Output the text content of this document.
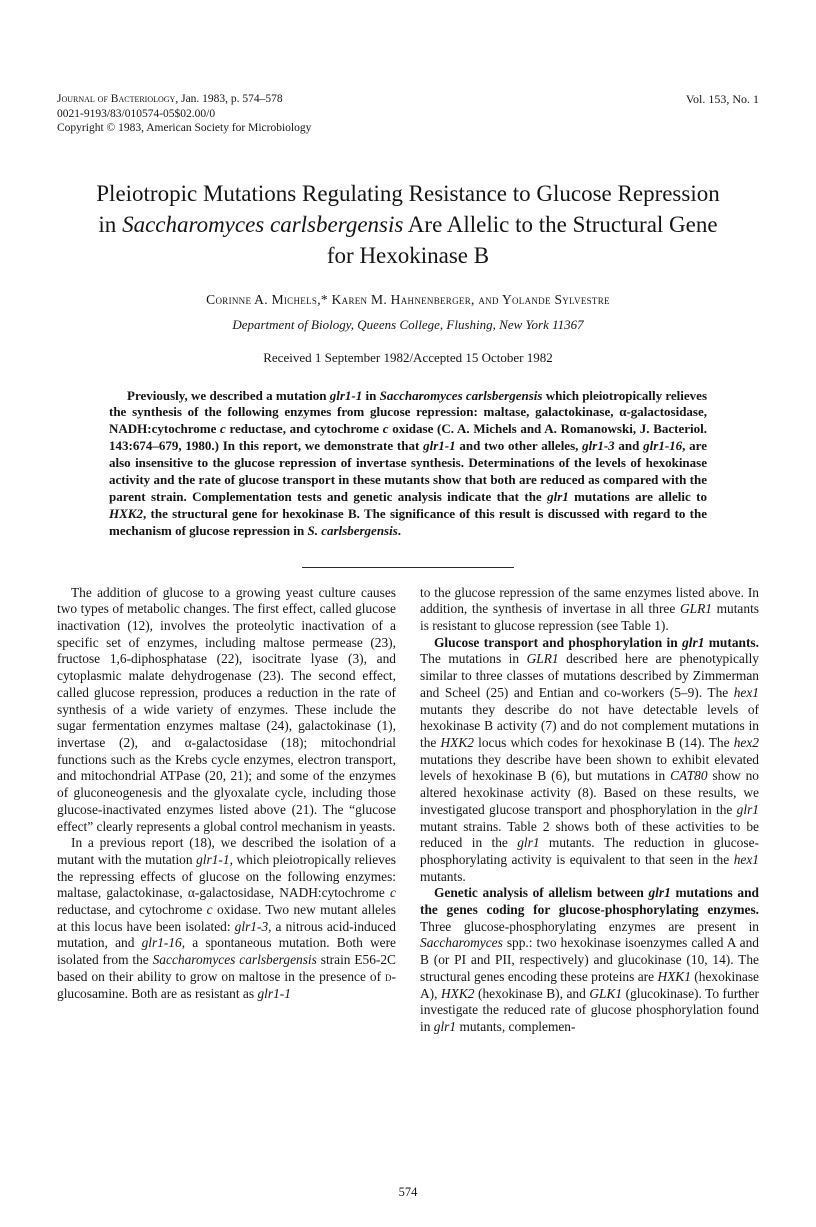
Journal of Bacteriology, Jan. 1983, p. 574–578
0021-9193/83/010574-05$02.00/0
Copyright © 1983, American Society for Microbiology
Vol. 153, No. 1
Pleiotropic Mutations Regulating Resistance to Glucose Repression in Saccharomyces carlsbergensis Are Allelic to the Structural Gene for Hexokinase B
Corinne A. Michels,* Karen M. Hahnenberger, and Yolande Sylvestre
Department of Biology, Queens College, Flushing, New York 11367
Received 1 September 1982/Accepted 15 October 1982
Previously, we described a mutation glr1-1 in Saccharomyces carlsbergensis which pleiotropically relieves the synthesis of the following enzymes from glucose repression: maltase, galactokinase, α-galactosidase, NADH:cytochrome c reductase, and cytochrome c oxidase (C. A. Michels and A. Romanowski, J. Bacteriol. 143:674–679, 1980.) In this report, we demonstrate that glr1-1 and two other alleles, glr1-3 and glr1-16, are also insensitive to the glucose repression of invertase synthesis. Determinations of the levels of hexokinase activity and the rate of glucose transport in these mutants show that both are reduced as compared with the parent strain. Complementation tests and genetic analysis indicate that the glr1 mutations are allelic to HXK2, the structural gene for hexokinase B. The significance of this result is discussed with regard to the mechanism of glucose repression in S. carlsbergensis.

The addition of glucose to a growing yeast culture causes two types of metabolic changes. The first effect, called glucose inactivation (12), involves the proteolytic inactivation of a specific set of enzymes, including maltose permease (23), fructose 1,6-diphosphatase (22), isocitrate lyase (3), and cytoplasmic malate dehydrogenase (23). The second effect, called glucose repression, produces a reduction in the rate of synthesis of a wide variety of enzymes. These include the sugar fermentation enzymes maltase (24), galactokinase (1), invertase (2), and α-galactosidase (18); mitochondrial functions such as the Krebs cycle enzymes, electron transport, and mitochondrial ATPase (20, 21); and some of the enzymes of gluconeogenesis and the glyoxalate cycle, including those glucose-inactivated enzymes listed above (21). The “glucose effect” clearly represents a global control mechanism in yeasts.

In a previous report (18), we described the isolation of a mutant with the mutation glr1-1, which pleiotropically relieves the repressing effects of glucose on the following enzymes: maltase, galactokinase, α-galactosidase, NADH:cytochrome c reductase, and cytochrome c oxidase. Two new mutant alleles at this locus have been isolated: glr1-3, a nitrous acid-induced mutation, and glr1-16, a spontaneous mutation. Both were isolated from the Saccharomyces carlsbergensis strain E56-2C based on their ability to grow on maltose in the presence of d-glucosamine. Both are as resistant as glr1-1

to the glucose repression of the same enzymes listed above. In addition, the synthesis of invertase in all three GLR1 mutants is resistant to glucose repression (see Table 1).

Glucose transport and phosphorylation in glr1 mutants. The mutations in GLR1 described here are phenotypically similar to three classes of mutations described by Zimmerman and Scheel (25) and Entian and co-workers (5–9). The hex1 mutants they describe do not have detectable levels of hexokinase B activity (7) and do not complement mutations in the HXK2 locus which codes for hexokinase B (14). The hex2 mutations they describe have been shown to exhibit elevated levels of hexokinase B (6), but mutations in CAT80 show no altered hexokinase activity (8). Based on these results, we investigated glucose transport and phosphorylation in the glr1 mutant strains. Table 2 shows both of these activities to be reduced in the glr1 mutants. The reduction in glucose-phosphorylating activity is equivalent to that seen in the hex1 mutants.

Genetic analysis of allelism between glr1 mutations and the genes coding for glucose-phosphorylating enzymes. Three glucose-phosphorylating enzymes are present in Saccharomyces spp.: two hexokinase isoenzymes called A and B (or PI and PII, respectively) and glucokinase (10, 14). The structural genes encoding these proteins are HXK1 (hexokinase A), HXK2 (hexokinase B), and GLK1 (glucokinase). To further investigate the reduced rate of glucose phosphorylation found in glr1 mutants, complemen-

574
